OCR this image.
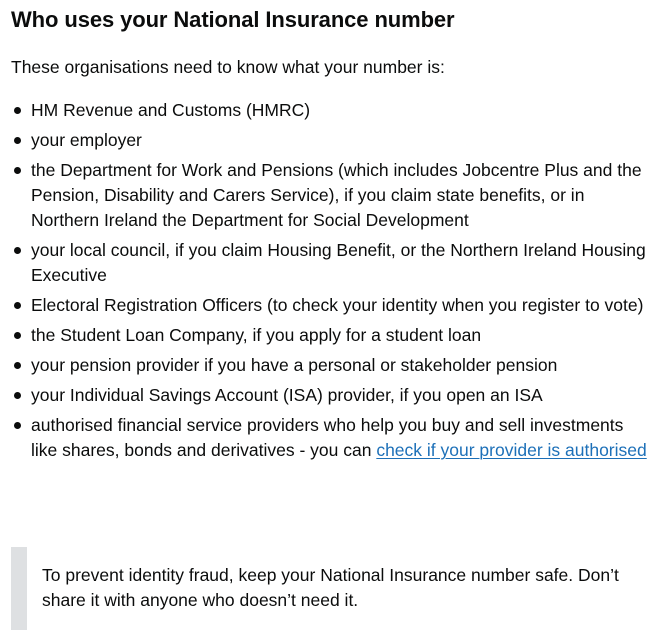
Who uses your National Insurance number

These organisations need to know what your number is:

HM Revenue and Customs (HMRC)
your employer
the Department for Work and Pensions (which includes Jobcentre Plus and the Pension, Disability and Carers Service), if you claim state benefits, or in Northern Ireland the Department for Social Development
your local council, if you claim Housing Benefit, or the Northern Ireland Housing Executive
Electoral Registration Officers (to check your identity when you register to vote)
the Student Loan Company, if you apply for a student loan
your pension provider if you have a personal or stakeholder pension
your Individual Savings Account (ISA) provider, if you open an ISA
authorised financial service providers who help you buy and sell investments like shares, bonds and derivatives - you can check if your provider is authorised

To prevent identity fraud, keep your National Insurance number safe. Don’t share it with anyone who doesn’t need it.
